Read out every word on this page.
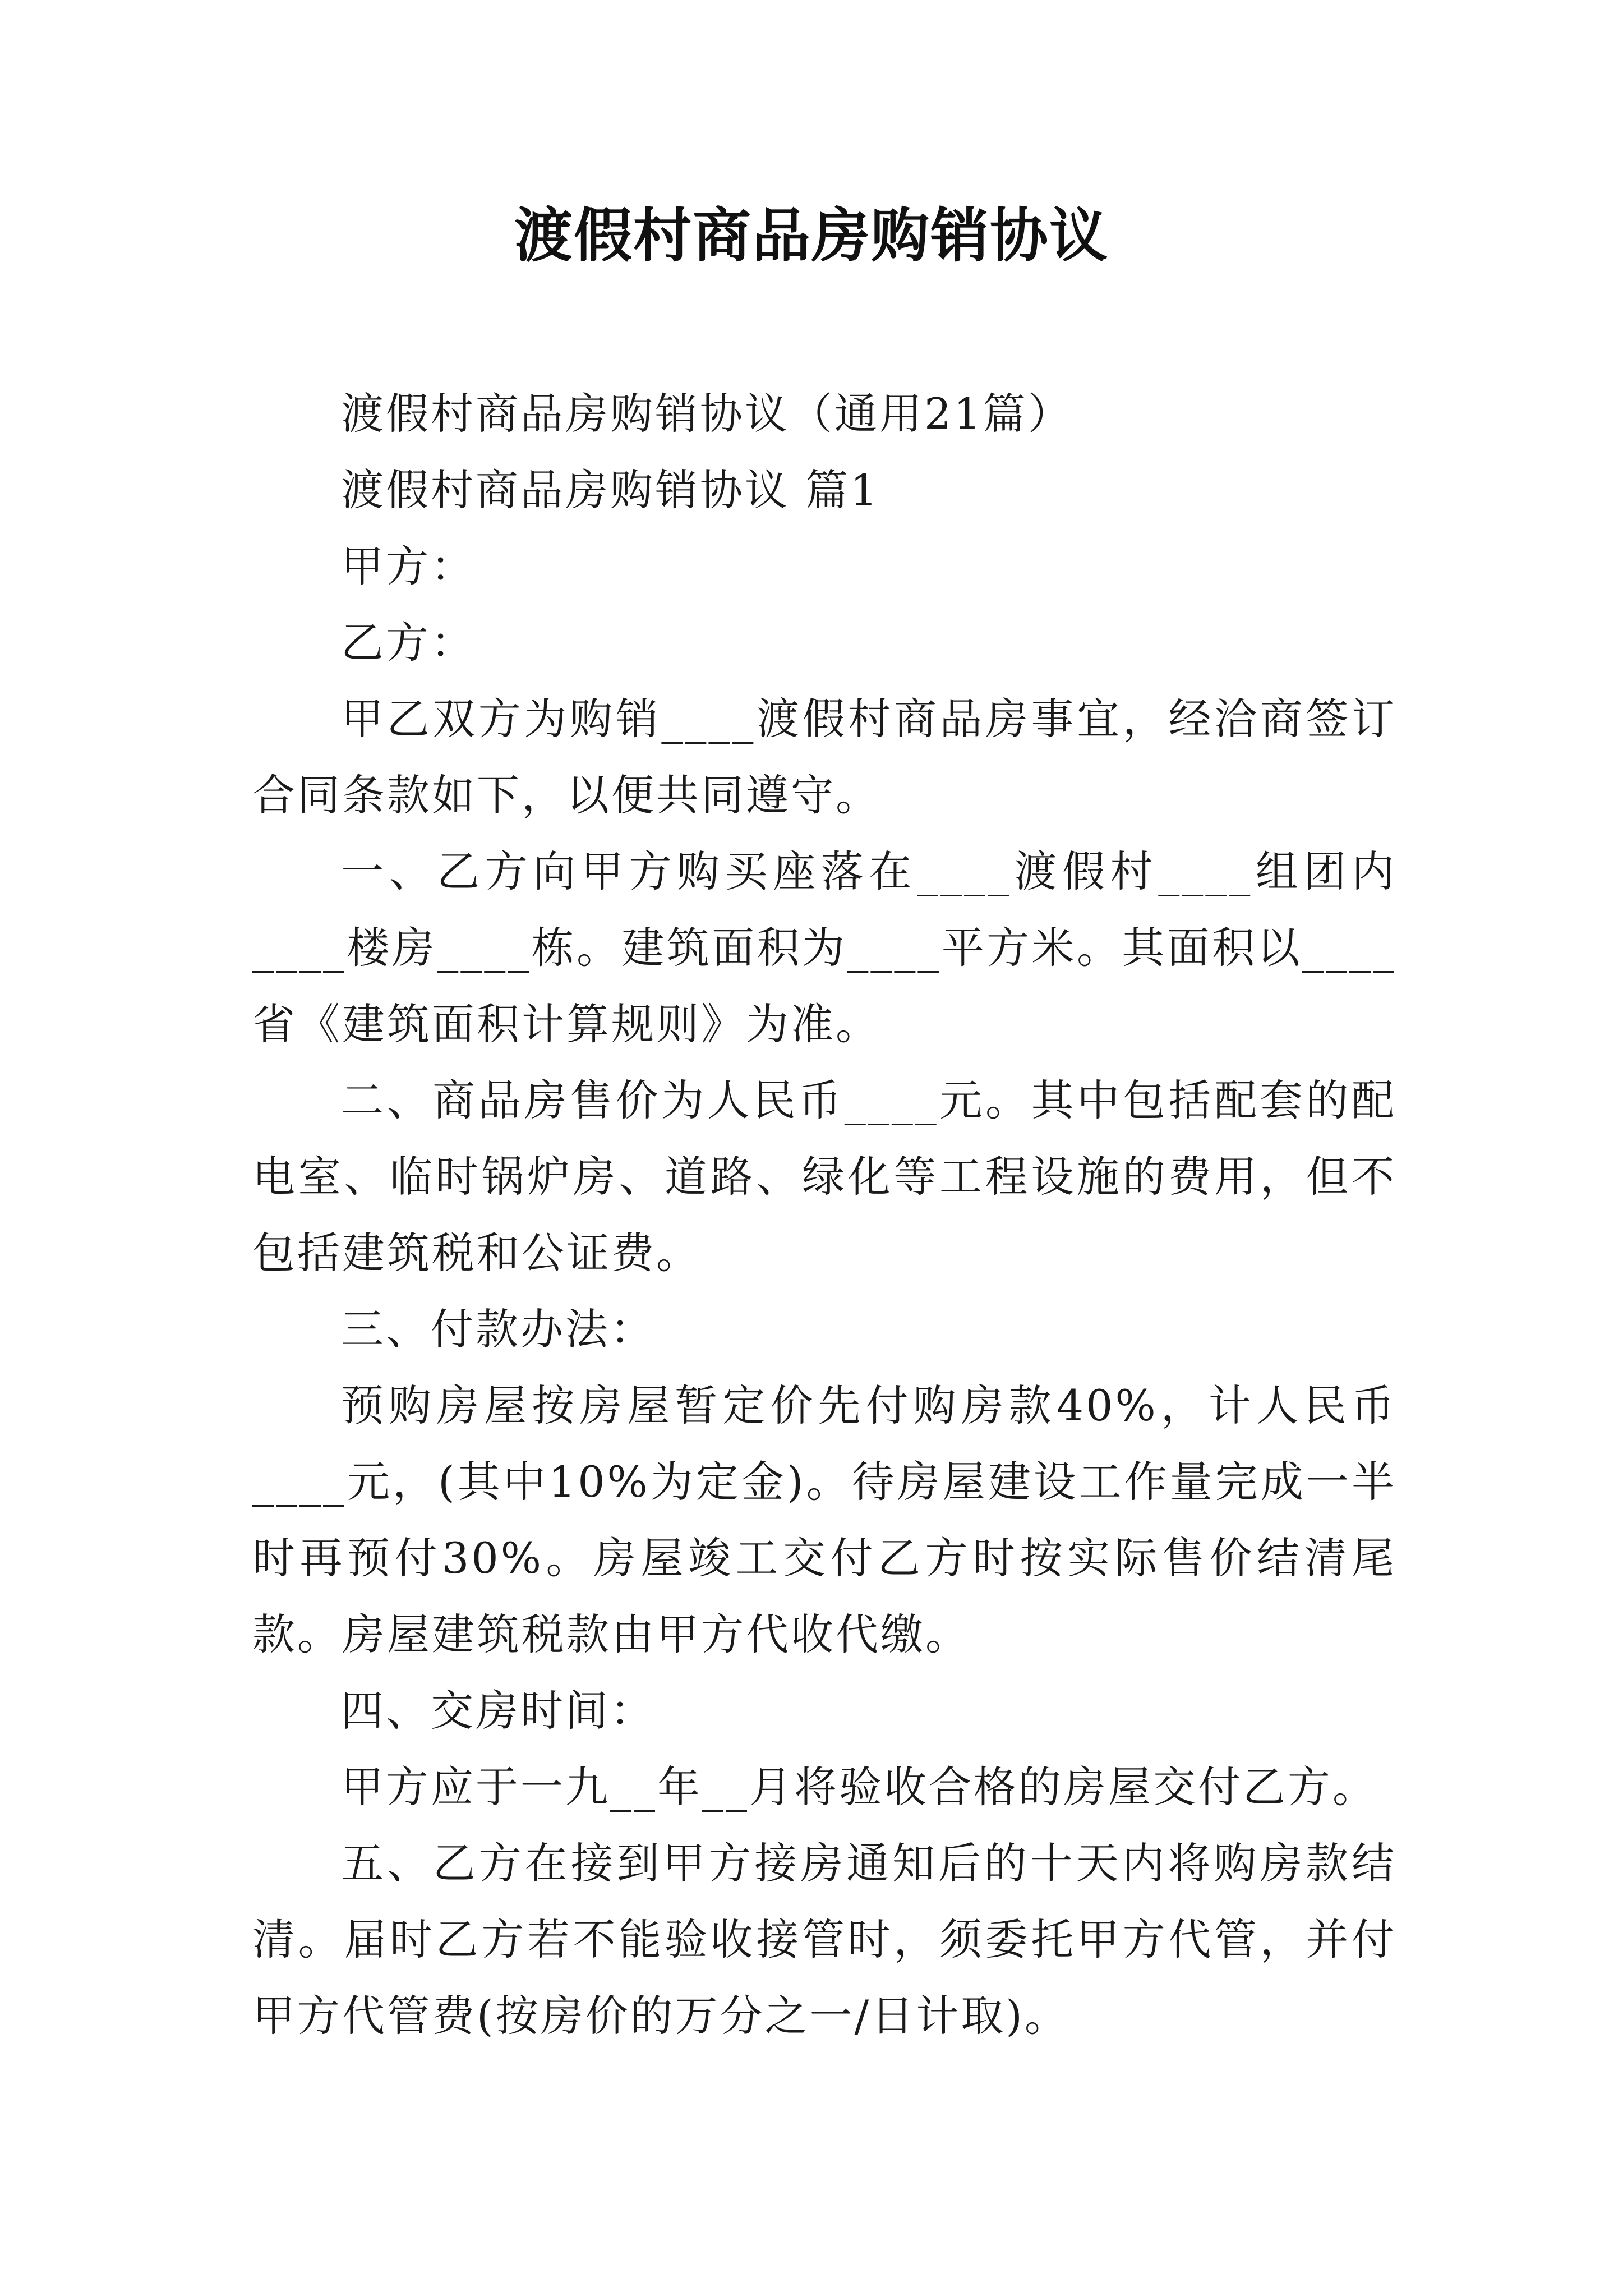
渡假村商品房购销协议

渡假村商品房购销协议（通用21篇）

渡假村商品房购销协议 篇1

甲方：

乙方：

甲乙双方为购销____渡假村商品房事宜，经洽商签订合同条款如下，以便共同遵守。

一、乙方向甲方购买座落在____渡假村____组团内____楼房____栋。建筑面积为____平方米。其面积以____省《建筑面积计算规则》为准。

二、商品房售价为人民币____元。其中包括配套的配电室、临时锅炉房、道路、绿化等工程设施的费用，但不包括建筑税和公证费。

三、付款办法：

预购房屋按房屋暂定价先付购房款40%，计人民币____元，(其中10%为定金)。待房屋建设工作量完成一半时再预付30%。房屋竣工交付乙方时按实际售价结清尾款。房屋建筑税款由甲方代收代缴。

四、交房时间：

甲方应于一九__年__月将验收合格的房屋交付乙方。

五、乙方在接到甲方接房通知后的十天内将购房款结清。届时乙方若不能验收接管时，须委托甲方代管，并付甲方代管费(按房价的万分之一/日计取)。
